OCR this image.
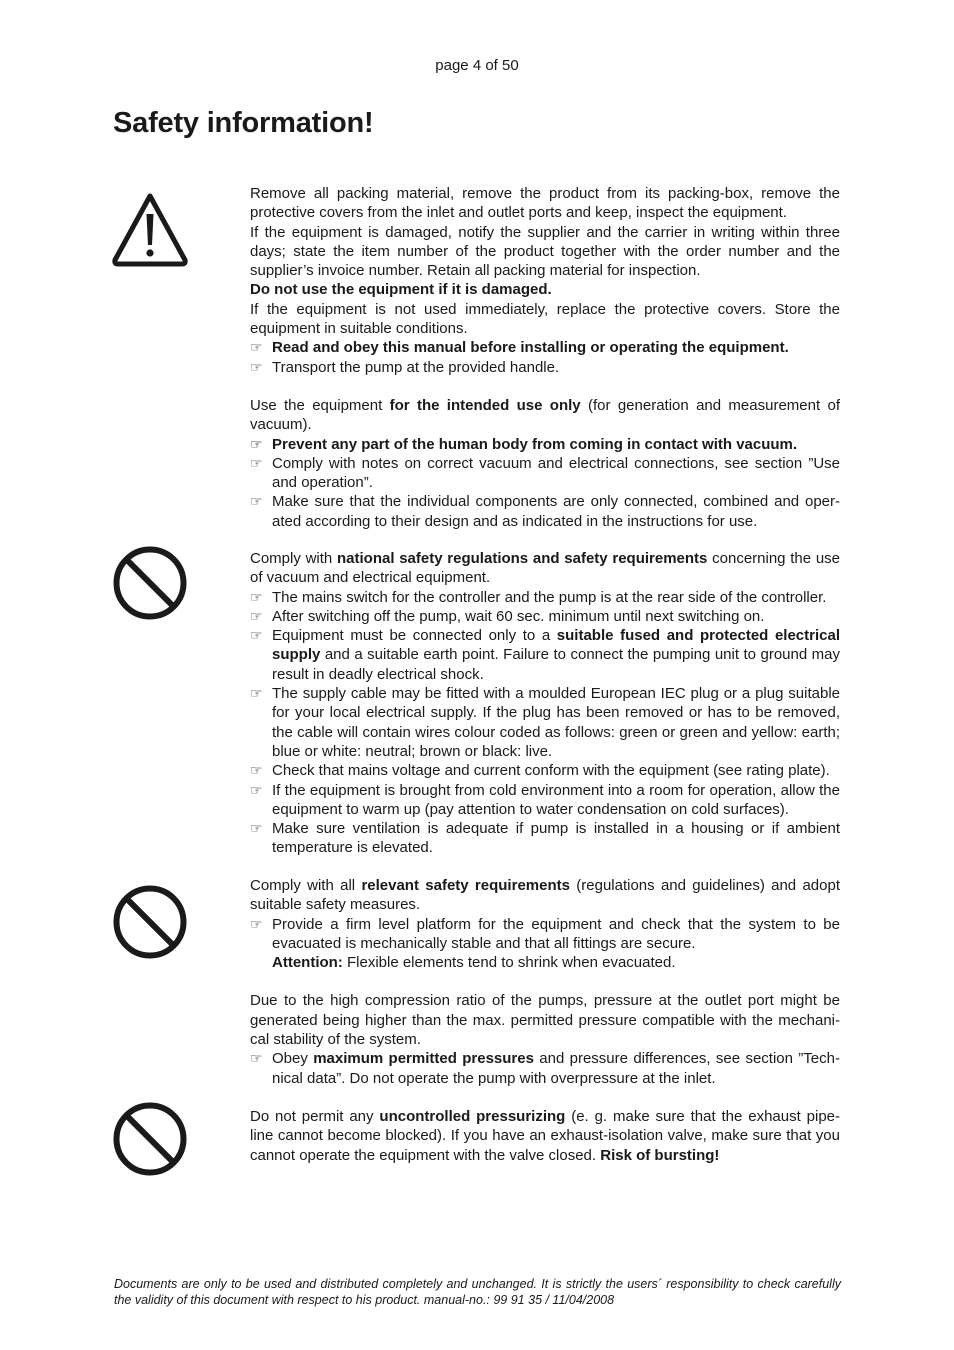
page 4 of 50
Safety information!

Remove all packing material, remove the product from its packing-box, remove the protective covers from the inlet and outlet ports and keep, inspect the equipment.

If the equipment is damaged, notify the supplier and the carrier in writing within three days; state the item number of the product together with the order number and the supplier’s invoice number. Retain all packing material for inspection.

Do not use the equipment if it is damaged.

If the equipment is not used immediately, replace the protective covers. Store the equipment in suitable conditions.

☞ Read and obey this manual before installing or operating the equipment.
☞ Transport the pump at the provided handle.

Use the equipment for the intended use only (for generation and measurement of vacuum).

☞ Prevent any part of the human body from coming in contact with vacuum.
☞ Comply with notes on correct vacuum and electrical connections, see section ”Use and operation”.
☞ Make sure that the individual components are only connected, combined and oper-ated according to their design and as indicated in the instructions for use.

Comply with national safety regulations and safety requirements concerning the use of vacuum and electrical equipment.

☞ The mains switch for the controller and the pump is at the rear side of the controller.
☞ After switching off the pump, wait 60 sec. minimum until next switching on.
☞ Equipment must be connected only to a suitable fused and protected electrical supply and a suitable earth point. Failure to connect the pumping unit to ground may result in deadly electrical shock.
☞ The supply cable may be fitted with a moulded European IEC plug or a plug suitable for your local electrical supply. If the plug has been removed or has to be removed, the cable will contain wires colour coded as follows: green or green and yellow: earth; blue or white: neutral; brown or black: live.
☞ Check that mains voltage and current conform with the equipment (see rating plate).
☞ If the equipment is brought from cold environment into a room for operation, allow the equipment to warm up (pay attention to water condensation on cold surfaces).
☞ Make sure ventilation is adequate if pump is installed in a housing or if ambient temperature is elevated.

Comply with all relevant safety requirements (regulations and guidelines) and adopt suitable safety measures.

☞ Provide a firm level platform for the equipment and check that the system to be evacuated is mechanically stable and that all fittings are secure.
Attention: Flexible elements tend to shrink when evacuated.

Due to the high compression ratio of the pumps, pressure at the outlet port might be generated being higher than the max. permitted pressure compatible with the mechani-cal stability of the system.

☞ Obey maximum permitted pressures and pressure differences, see section ”Tech-nical data”. Do not operate the pump with overpressure at the inlet.

Do not permit any uncontrolled pressurizing (e. g. make sure that the exhaust pipe-line cannot become blocked). If you have an exhaust-isolation valve, make sure that you cannot operate the equipment with the valve closed. Risk of bursting!

Documents are only to be used and distributed completely and unchanged. It is strictly the users´ responsibility to check carefully the validity of this document with respect to his product. manual-no.: 99 91 35 / 11/04/2008
